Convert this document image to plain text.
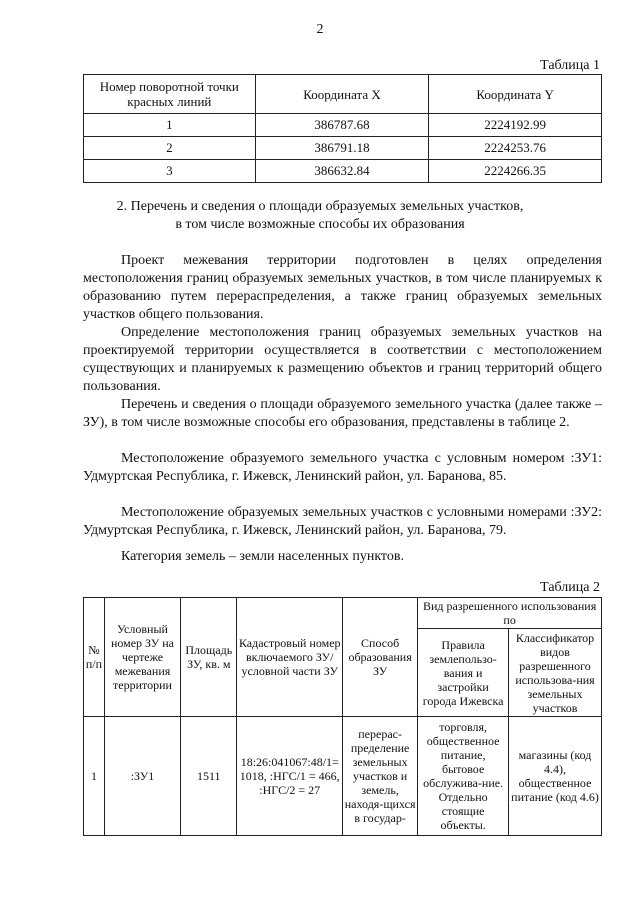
2
Таблица 1
Номер поворотной точки красных линий	Координата X	Координата Y
1	386787.68	2224192.99
2	386791.18	2224253.76
3	386632.84	2224266.35
2. Перечень и сведения о площади образуемых земельных участков,
в том числе возможные способы их образования

Проект межевания территории подготовлен в целях определения местоположения границ образуемых земельных участков, в том числе планируемых к образованию путем перераспределения, а также границ образуемых земельных участков общего пользования.

Определение местоположения границ образуемых земельных участков на проектируемой территории осуществляется в соответствии с местоположением существующих и планируемых к размещению объектов и границ территорий общего пользования.

Перечень и сведения о площади образуемого земельного участка (далее также – ЗУ), в том числе возможные способы его образования, представлены в таблице 2.

Местоположение образуемого земельного участка с условным номером :ЗУ1: Удмуртская Республика, г. Ижевск, Ленинский район, ул. Баранова, 85.

Местоположение образуемых земельных участков с условными номерами :ЗУ2: Удмуртская Республика, г. Ижевск, Ленинский район, ул. Баранова, 79.

Категория земель – земли населенных пунктов.

Таблица 2
№ п/п	Условный номер ЗУ на чертеже межевания территории	Площадь ЗУ, кв. м	Кадастровый номер включаемого ЗУ/условной части ЗУ	Способ образования ЗУ	Вид разрешенного использования по	
					Правила землепользо-вания и застройки города Ижевска	Классификатор видов разрешенного использова-ния земельных участков
1	:ЗУ1	1511	18:26:041067:48/1= 1018, :НГС/1 = 466, :НГС/2 = 27	перерас-пределение земельных участков и земель, находя-щихся в государ-	торговля, общественное питание, бытовое обслужива-ние. Отдельно стоящие объекты.	магазины (код 4.4), общественное питание (код 4.6)
